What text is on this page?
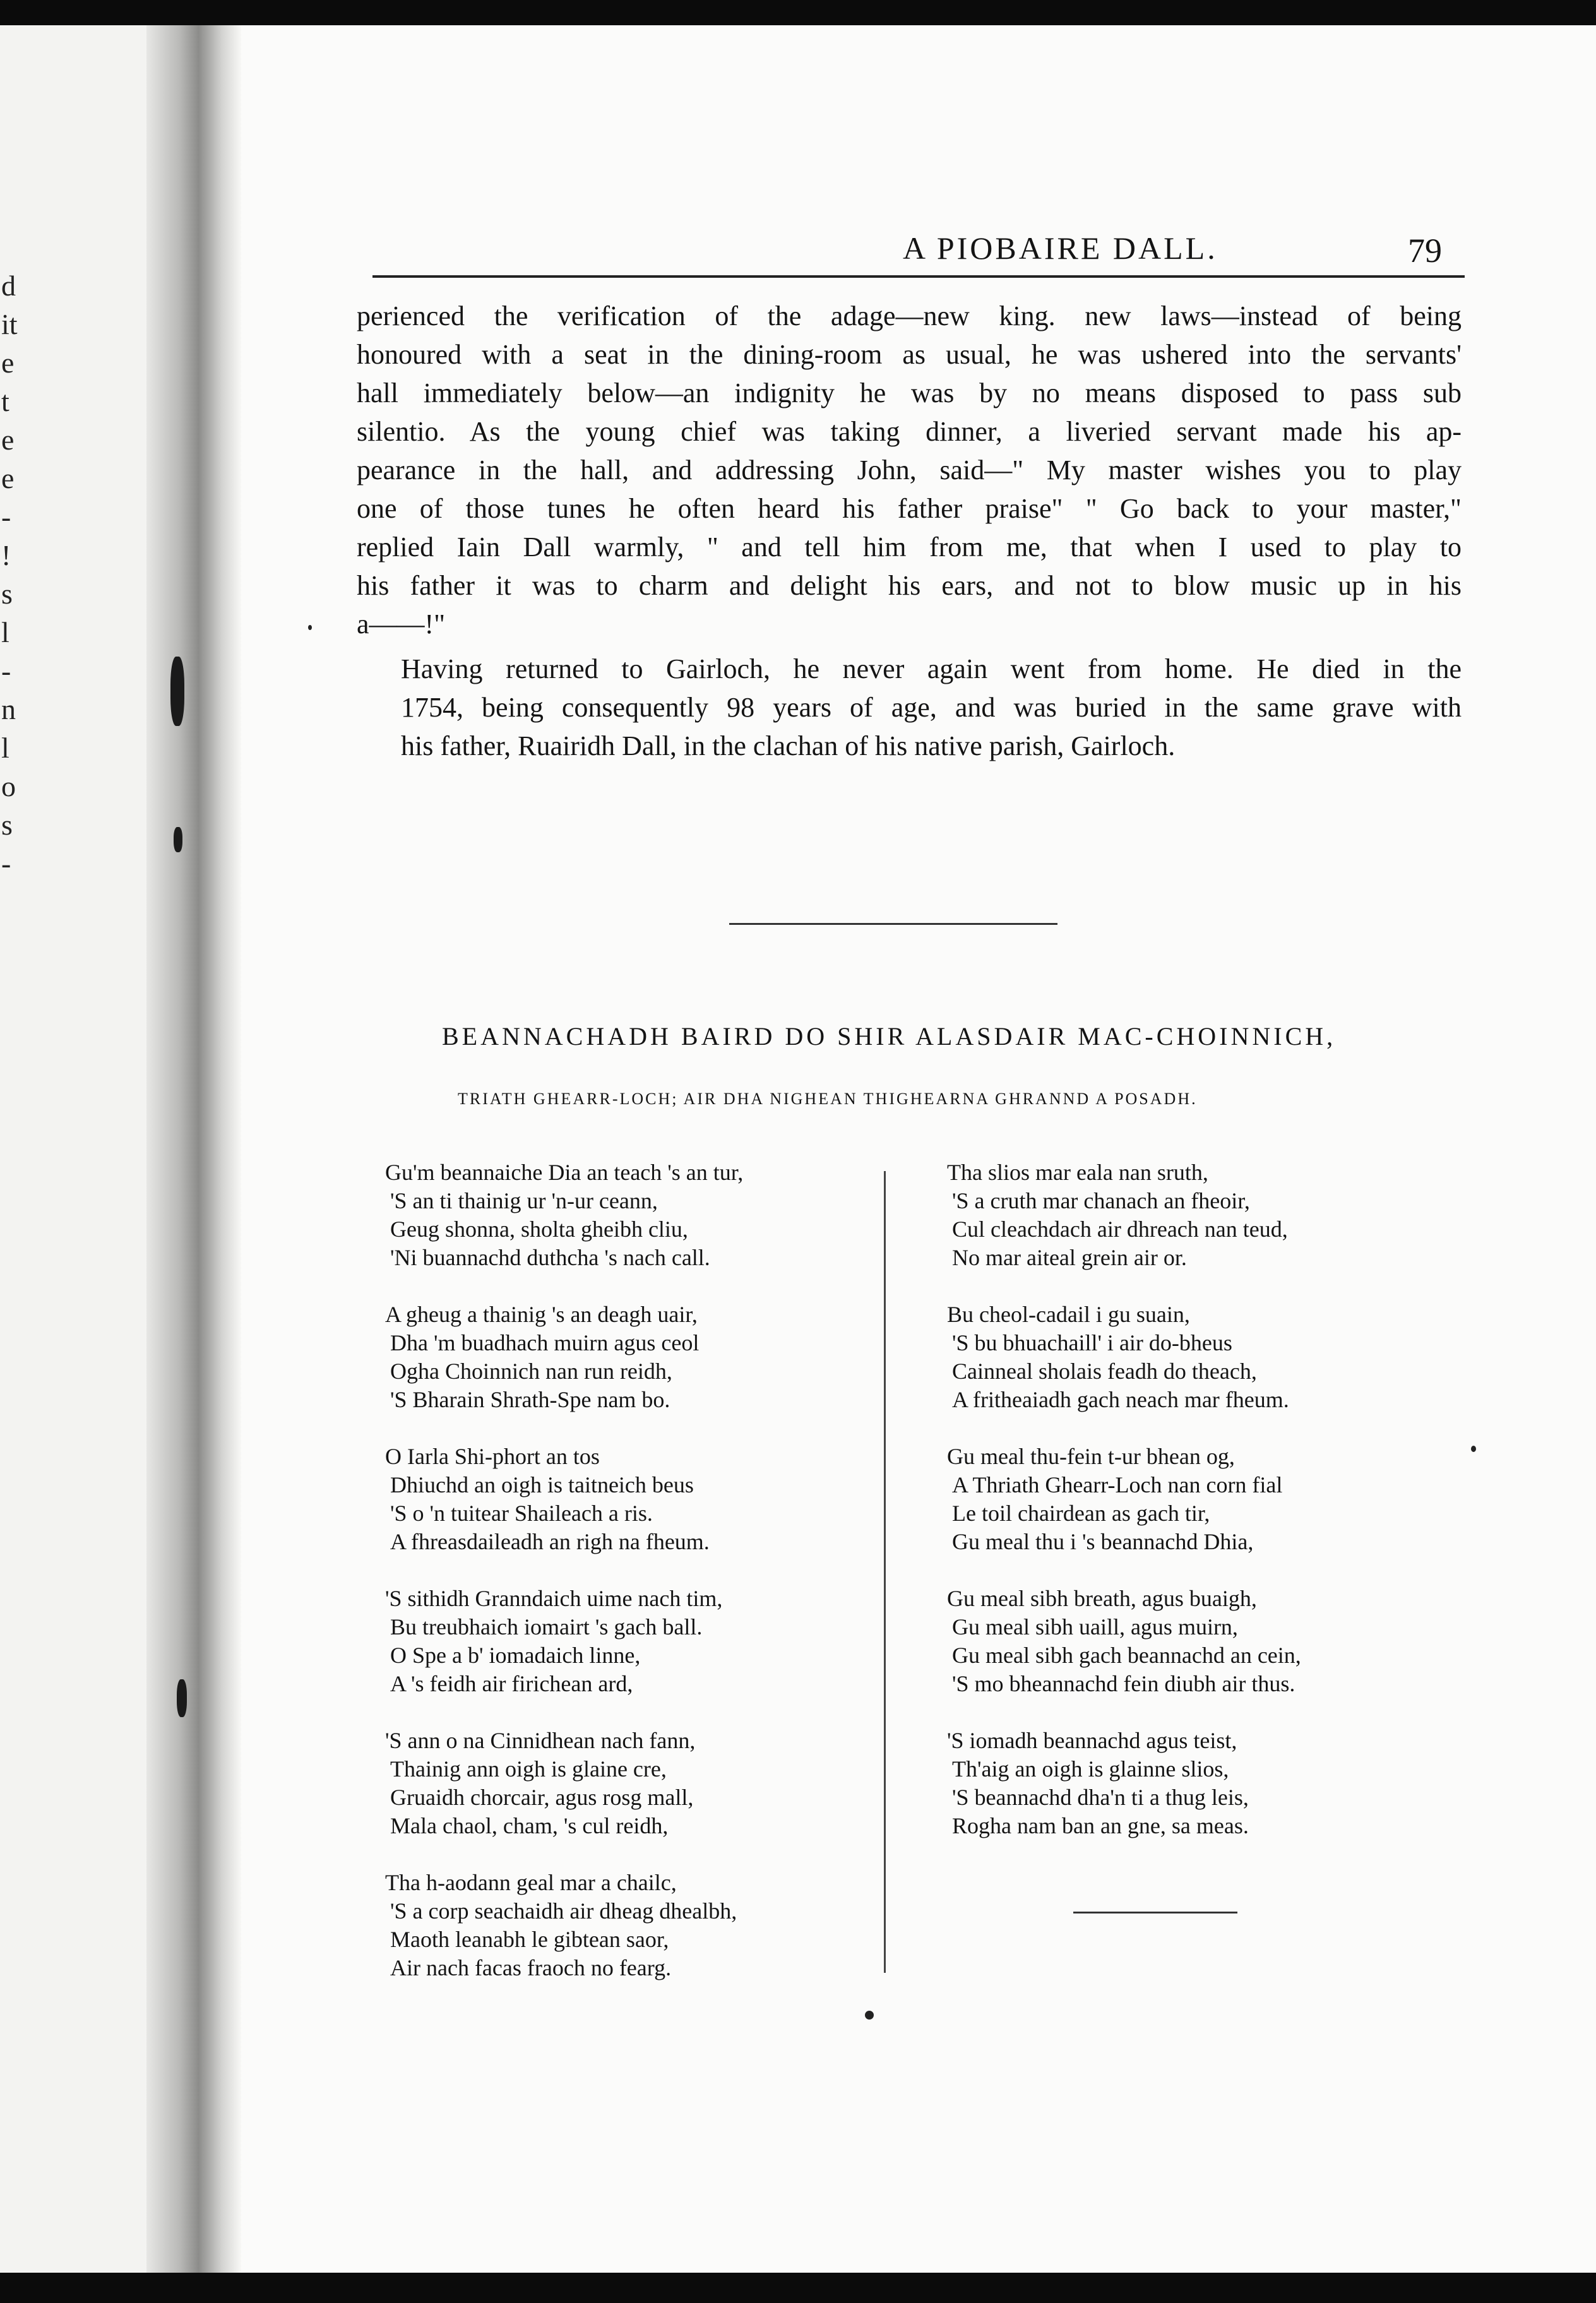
d
it
e
t
e
e
-
!
s
l
-
n
l
o
s
-
A PIOBAIRE DALL.	79

perienced the verification of the adage—new king. new laws—instead of being
honoured with a seat in the dining-room as usual, he was ushered into the servants'
hall immediately below—an indignity he was by no means disposed to pass sub
silentio. As the young chief was taking dinner, a liveried servant made his ap-
pearance in the hall, and addressing John, said—" My master wishes you to play
one of those tunes he often heard his father praise" " Go back to your master,"
replied Iain Dall warmly, " and tell him from me, that when I used to play to
his father it was to charm and delight his ears, and not to blow music up in his
a——!"

Having returned to Gairloch, he never again went from home. He died in the
1754, being consequently 98 years of age, and was buried in the same grave with
his father, Ruairidh Dall, in the clachan of his native parish, Gairloch.

BEANNACHADH BAIRD DO SHIR ALASDAIR MAC-CHOINNICH,
TRIATH GHEARR-LOCH; AIR DHA NIGHEAN THIGHEARNA GHRANND A POSADH.
Gu'm beannaiche Dia an teach 's an tur,
'S an ti thainig ur 'n-ur ceann,
Geug shonna, sholta gheibh cliu,
'Ni buannachd duthcha 's nach call.
A gheug a thainig 's an deagh uair,
Dha 'm buadhach muirn agus ceol
Ogha Choinnich nan run reidh,
'S Bharain Shrath-Spe nam bo.
O Iarla Shi-phort an tos
Dhiuchd an oigh is taitneich beus
'S o 'n tuitear Shaileach a ris.
A fhreasdaileadh an righ na fheum.
'S sithidh Granndaich uime nach tim,
Bu treubhaich iomairt 's gach ball.
O Spe a b' iomadaich linne,
A 's feidh air firichean ard,
'S ann o na Cinnidhean nach fann,
Thainig ann oigh is glaine cre,
Gruaidh chorcair, agus rosg mall,
Mala chaol, cham, 's cul reidh,
Tha h-aodann geal mar a chailc,
'S a corp seachaidh air dheag dhealbh,
Maoth leanabh le gibtean saor,
Air nach facas fraoch no fearg.
Tha slios mar eala nan sruth,
'S a cruth mar chanach an fheoir,
Cul cleachdach air dhreach nan teud,
No mar aiteal grein air or.
Bu cheol-cadail i gu suain,
'S bu bhuachaill' i air do-bheus
Cainneal sholais feadh do theach,
A fritheaiadh gach neach mar fheum.
Gu meal thu-fein t-ur bhean og,
A Thriath Ghearr-Loch nan corn fial
Le toil chairdean as gach tir,
Gu meal thu i 's beannachd Dhia,
Gu meal sibh breath, agus buaigh,
Gu meal sibh uaill, agus muirn,
Gu meal sibh gach beannachd an cein,
'S mo bheannachd fein diubh air thus.
'S iomadh beannachd agus teist,
Th'aig an oigh is glainne slios,
'S beannachd dha'n ti a thug leis,
Rogha nam ban an gne, sa meas.
